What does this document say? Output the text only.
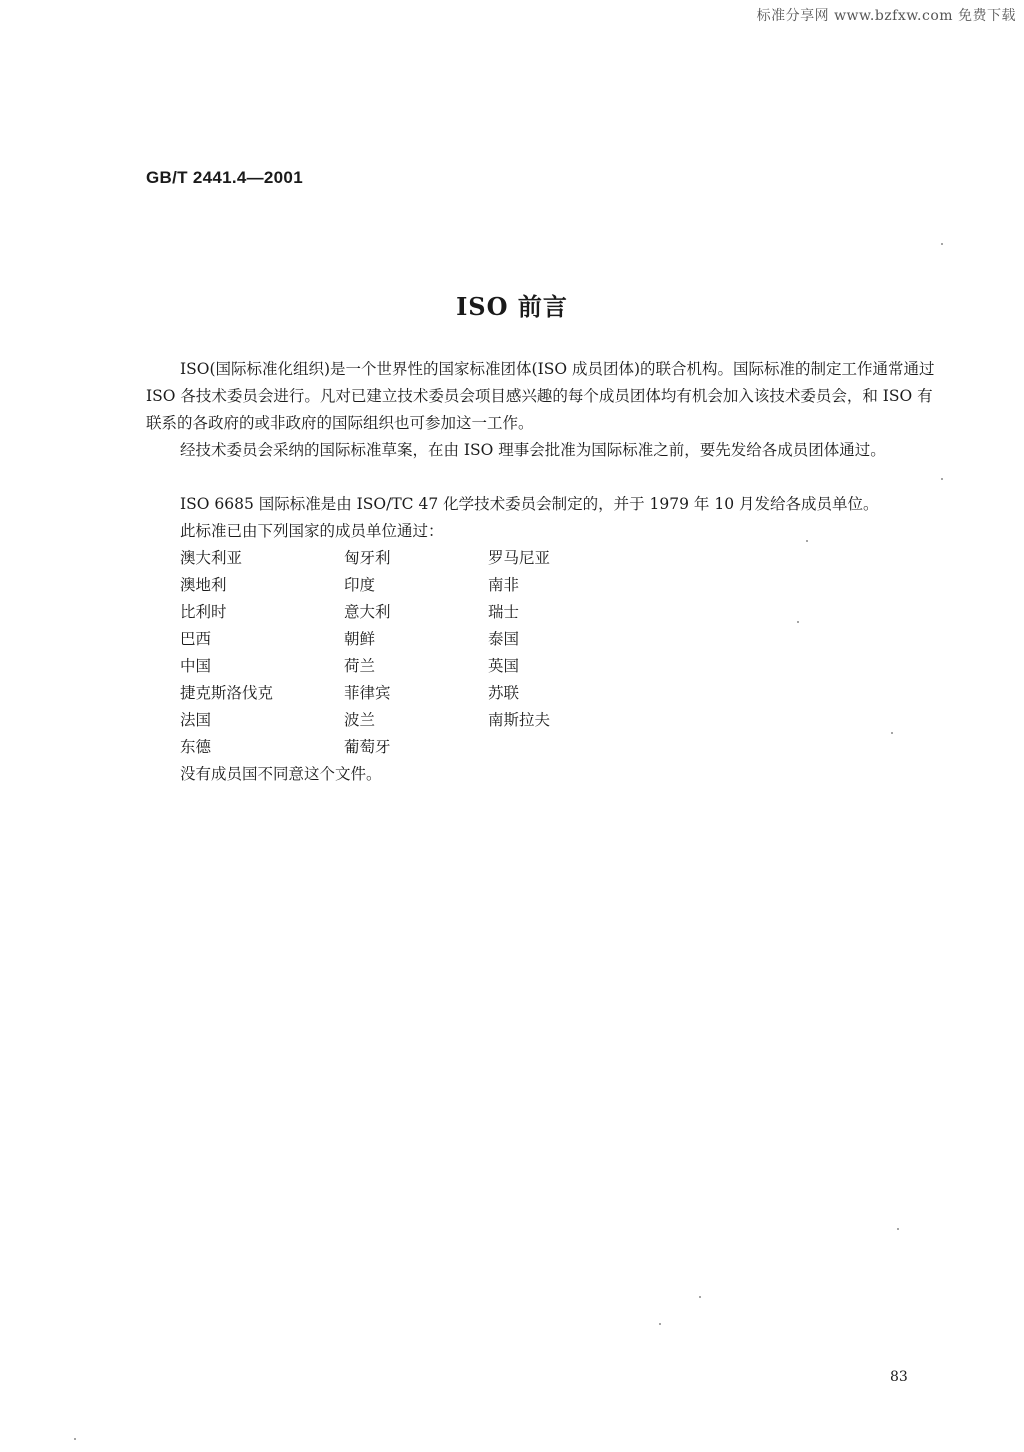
标准分享网 www.bzfxw.com 免费下载
GB/T 2441.4—2001
ISO 前言

ISO(国际标准化组织)是一个世界性的国家标准团体(ISO 成员团体)的联合机构。国际标准的制定工作通常通过 ISO 各技术委员会进行。凡对已建立技术委员会项目感兴趣的每个成员团体均有机会加入该技术委员会，和 ISO 有联系的各政府的或非政府的国际组织也可参加这一工作。

经技术委员会采纳的国际标准草案，在由 ISO 理事会批准为国际标准之前，要先发给各成员团体通过。

ISO 6685 国际标准是由 ISO/TC 47 化学技术委员会制定的，并于 1979 年 10 月发给各成员单位。

此标准已由下列国家的成员单位通过：

澳大利亚	匈牙利	罗马尼亚
澳地利	印度	南非
比利时	意大利	瑞士
巴西	朝鲜	泰国
中国	荷兰	英国
捷克斯洛伐克	菲律宾	苏联
法国	波兰	南斯拉夫
东德	葡萄牙
没有成员国不同意这个文件。
83
